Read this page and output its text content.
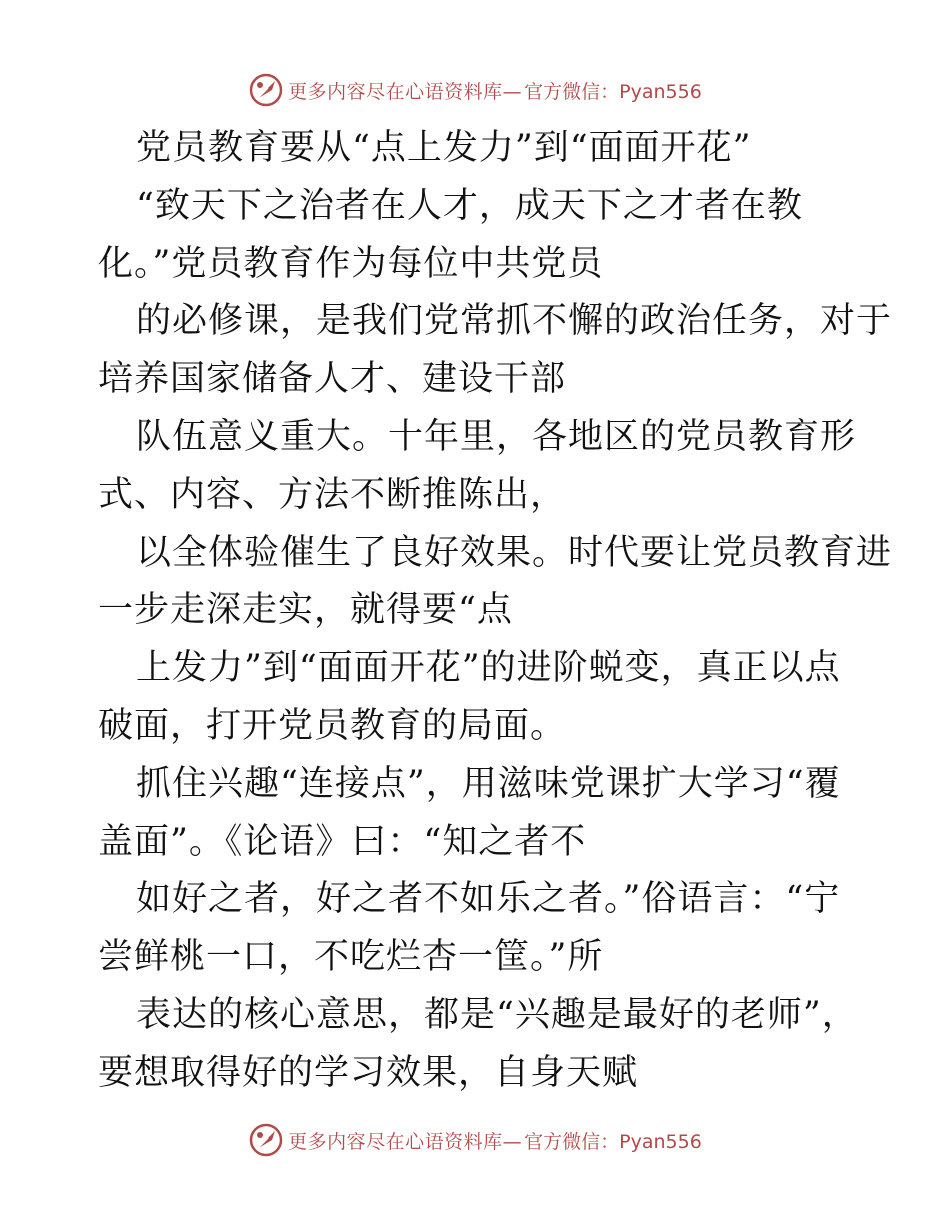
更多内容尽在心语资料库— 官方微信：Pyan556
党员教育要从“点上发力”到“面面开花”
“致天下之治者在人才，成天下之才者在教
化。”党员教育作为每位中共党员
的必修课，是我们党常抓不懈的政治任务，对于
培养国家储备人才、建设干部
队伍意义重大。十年里，各地区的党员教育形
式、内容、方法不断推陈出，
以全体验催生了良好效果。时代要让党员教育进
一步走深走实，就得要“点
上发力”到“面面开花”的进阶蜕变，真正以点
破面，打开党员教育的局面。
抓住兴趣“连接点”，用滋味党课扩大学习“覆
盖面”。《论语》曰：“知之者不
如好之者，好之者不如乐之者。”俗语言：“宁
尝鲜桃一口，不吃烂杏一筐。”所
表达的核心意思，都是“兴趣是最好的老师”，
要想取得好的学习效果，自身天赋
更多内容尽在心语资料库— 官方微信：Pyan556
